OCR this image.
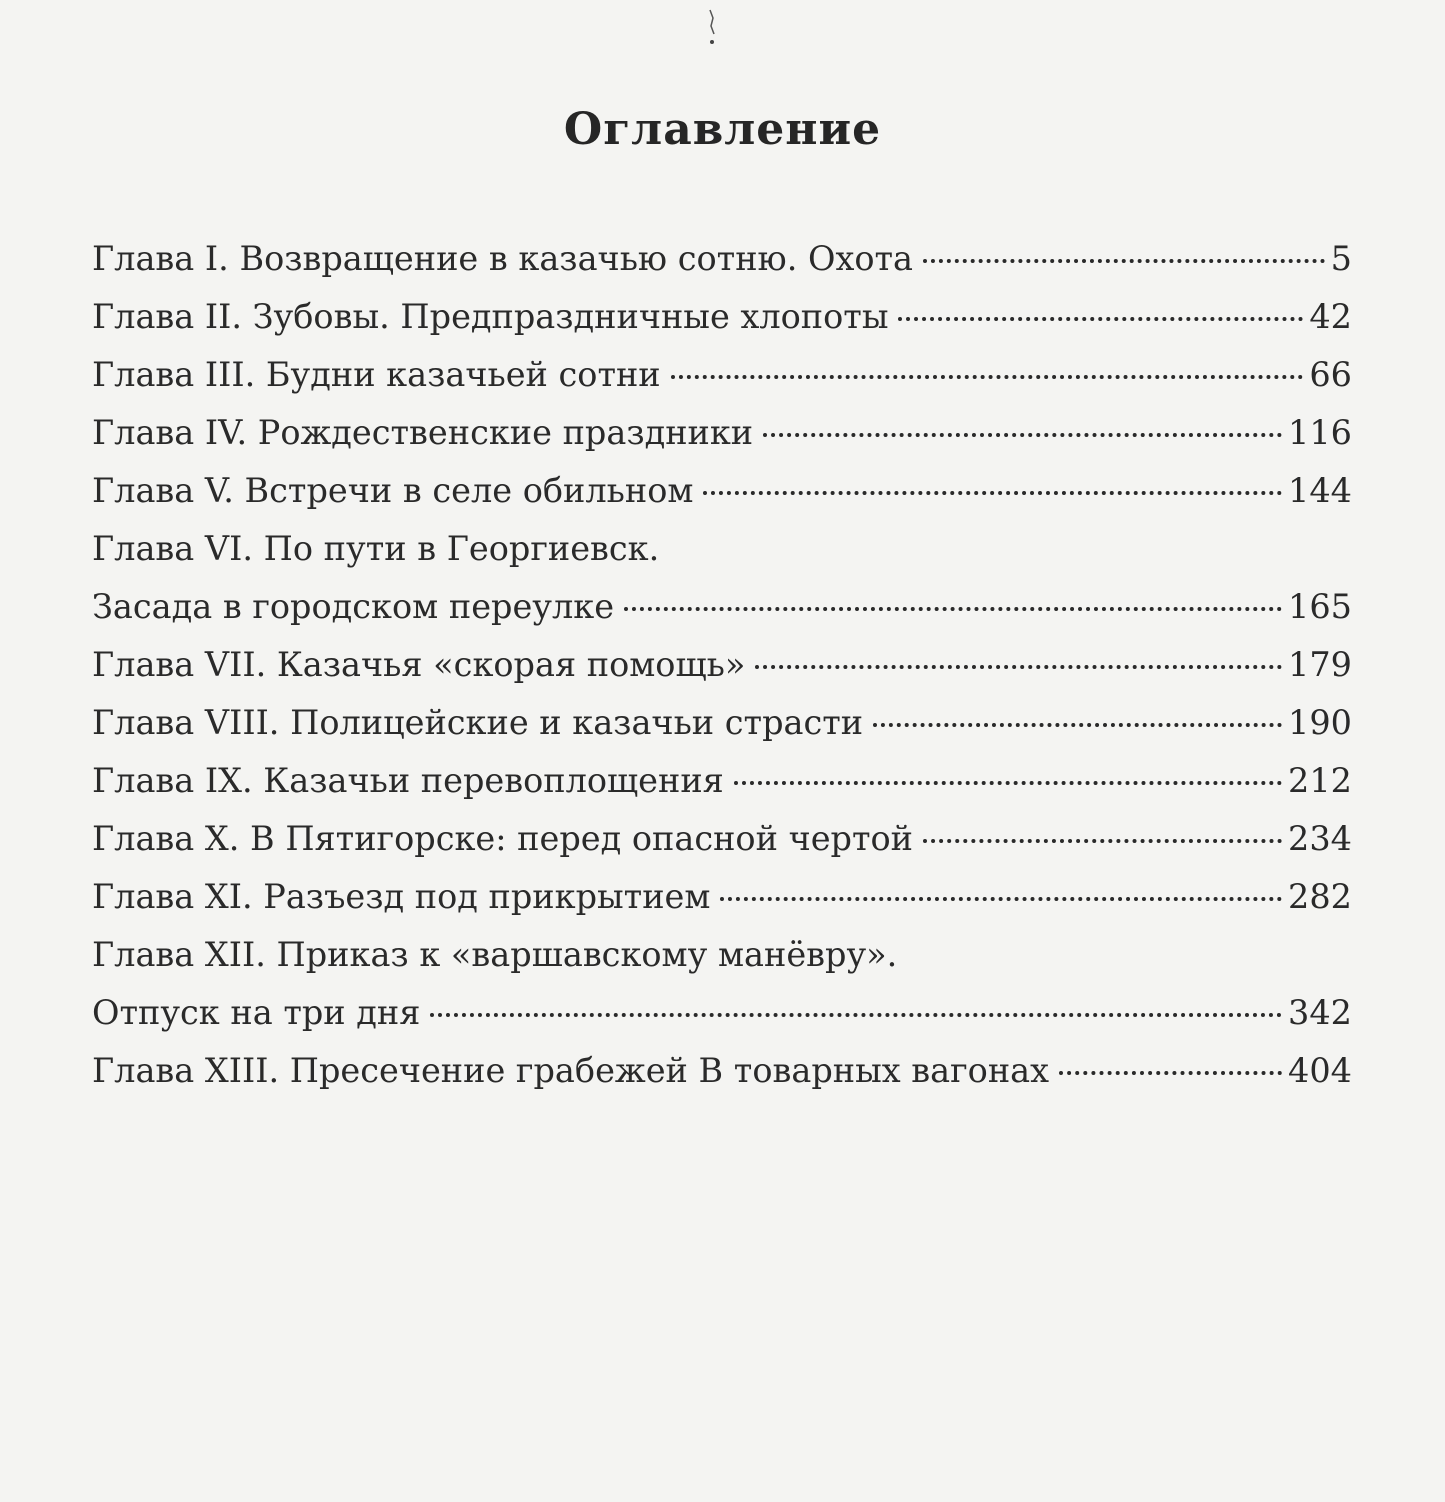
Оглавление
Глава I. Возвращение в казачью сотню. Охота	5
Глава II. Зубовы. Предпраздничные хлопоты	42
Глава III. Будни казачьей сотни	66
Глава IV. Рождественские праздники	116
Глава V. Встречи в селе обильном	144
Глава VI. По пути в Георгиевск.
Засада в городском переулке	165
Глава VII. Казачья «скорая помощь»	179
Глава VIII. Полицейские и казачьи страсти	190
Глава IX. Казачьи перевоплощения	212
Глава X. В Пятигорске: перед опасной чертой	234
Глава XI. Разъезд под прикрытием	282
Глава XII. Приказ к «варшавскому манёвру».
Отпуск на три дня	342
Глава XIII. Пресечение грабежей В товарных вагонах	404
